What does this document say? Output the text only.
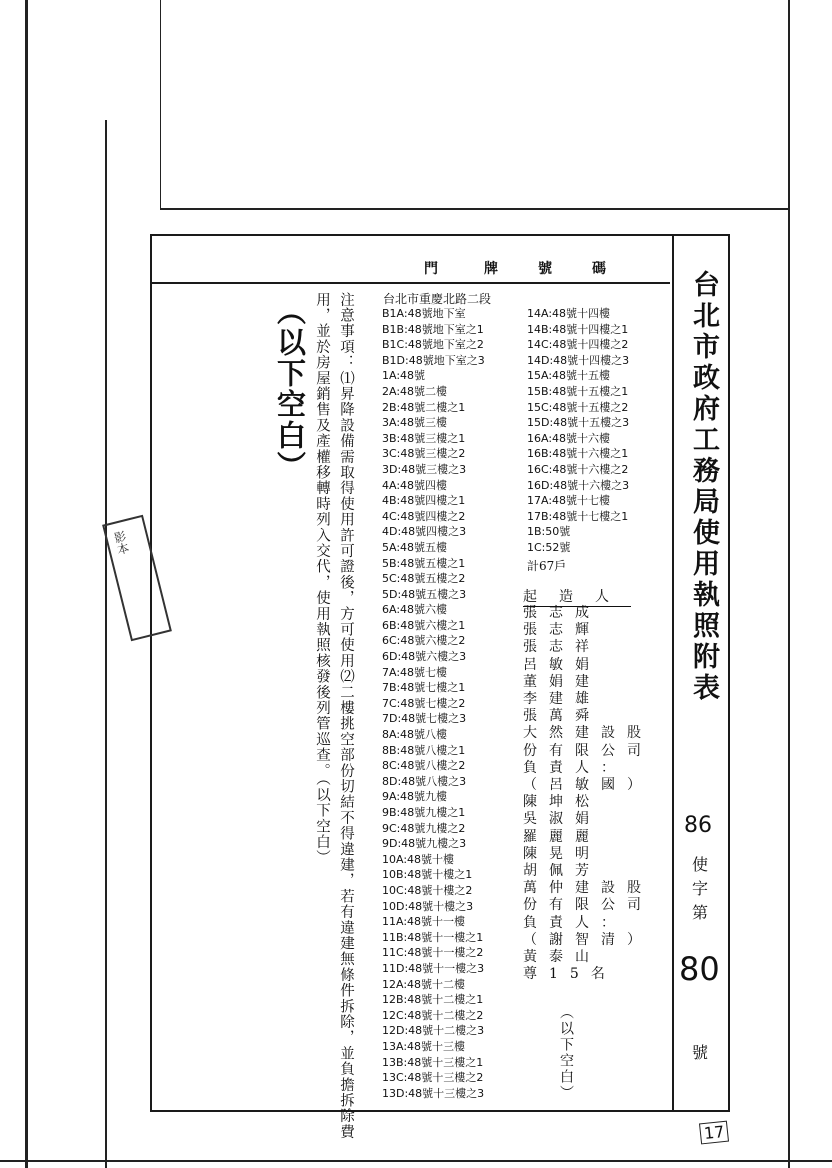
台北市政府工務局使用執照附表
86
使
字
第
80
號
門	牌	號	碼
台北市重慶北路二段
B1A:48號地下室
B1B:48號地下室之1
B1C:48號地下室之2
B1D:48號地下室之3
1A:48號
2A:48號二樓
2B:48號二樓之1
3A:48號三樓
3B:48號三樓之1
3C:48號三樓之2
3D:48號三樓之3
4A:48號四樓
4B:48號四樓之1
4C:48號四樓之2
4D:48號四樓之3
5A:48號五樓
5B:48號五樓之1
5C:48號五樓之2
5D:48號五樓之3
6A:48號六樓
6B:48號六樓之1
6C:48號六樓之2
6D:48號六樓之3
7A:48號七樓
7B:48號七樓之1
7C:48號七樓之2
7D:48號七樓之3
8A:48號八樓
8B:48號八樓之1
8C:48號八樓之2
8D:48號八樓之3
9A:48號九樓
9B:48號九樓之1
9C:48號九樓之2
9D:48號九樓之3
10A:48號十樓
10B:48號十樓之1
10C:48號十樓之2
10D:48號十樓之3
11A:48號十一樓
11B:48號十一樓之1
11C:48號十一樓之2
11D:48號十一樓之3
12A:48號十二樓
12B:48號十二樓之1
12C:48號十二樓之2
12D:48號十二樓之3
13A:48號十三樓
13B:48號十三樓之1
13C:48號十三樓之2
13D:48號十三樓之3
14A:48號十四樓
14B:48號十四樓之1
14C:48號十四樓之2
14D:48號十四樓之3
15A:48號十五樓
15B:48號十五樓之1
15C:48號十五樓之2
15D:48號十五樓之3
16A:48號十六樓
16B:48號十六樓之1
16C:48號十六樓之2
16D:48號十六樓之3
17A:48號十七樓
17B:48號十七樓之1
1B:50號
1C:52號
計67戶
起造人
張志成
張志輝
張志祥
呂敏娟
董娟建
李建雄
張萬舜
大然建設股
份有限公司
負責人：
（呂敏國）
陳坤松
吳淑娟
羅麗麗
陳晃明
胡佩芳
萬仲建設股
份有限公司
負責人：
（謝智清）
黃泰山
尊15名
（以下空白）
注意事項：⑴昇降設備需取得使用許可證後，方可使用⑵二樓挑空部份切結不得違建，若有違建無條件拆除，並負擔拆除費
用，並於房屋銷售及產權移轉時列入交代，使用執照核發後列管巡查。（以下空白）
（以下空白）
影本
17
